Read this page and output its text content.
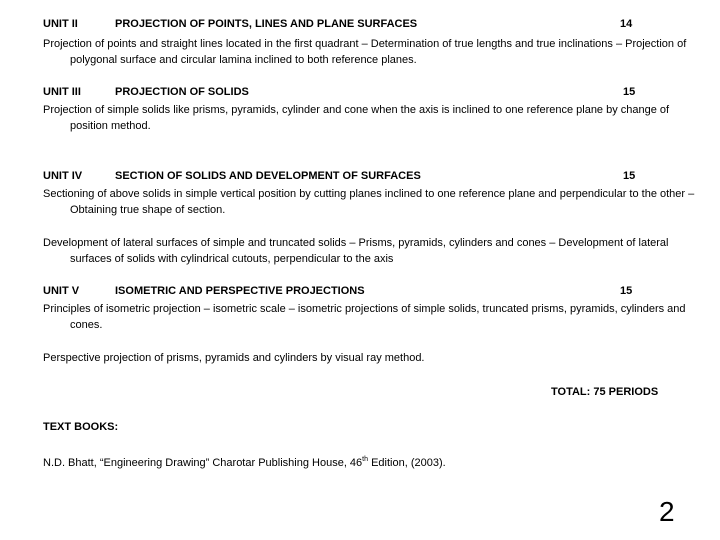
UNIT II	PROJECTION OF POINTS, LINES AND PLANE SURFACES	14
Projection of points and straight lines located in the first quadrant – Determination of true lengths and true inclinations – Projection of polygonal surface and circular lamina inclined to both reference planes.
UNIT III	PROJECTION OF SOLIDS	15
Projection of simple solids like prisms, pyramids, cylinder and cone when the axis is inclined to one reference plane by change of position method.
UNIT IV	SECTION OF SOLIDS AND DEVELOPMENT OF SURFACES	15
Sectioning of above solids in simple vertical position by cutting planes inclined to one reference plane and perpendicular to the other – Obtaining true shape of section.
Development of lateral surfaces of simple and truncated solids – Prisms, pyramids, cylinders and cones – Development of lateral surfaces of solids with cylindrical cutouts, perpendicular to the axis
UNIT V	ISOMETRIC AND PERSPECTIVE PROJECTIONS	15
Principles of isometric projection – isometric scale – isometric projections of simple solids, truncated prisms, pyramids, cylinders and cones.
Perspective projection of prisms, pyramids and cylinders by visual ray method.
TOTAL: 75 PERIODS
TEXT BOOKS:
N.D. Bhatt, “Engineering Drawing” Charotar Publishing House, 46th Edition, (2003).
2
